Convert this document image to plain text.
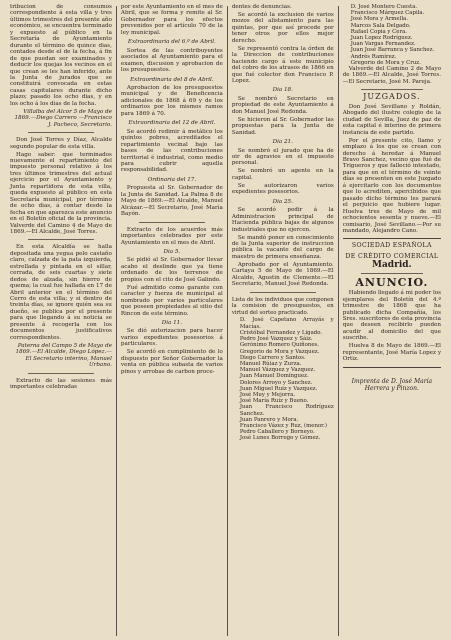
tribucion de consumos correspondiente á esta villa y tres últimos trimestres del presente año económico, se encuentra terminado y expuesto al público en la Secretaría de Ayuntamiento durante el término de quince dias, contados desde el de la fecha, á fin de que puedan ser examinados y deducir los quejas los vecinos en el que crean se les han inferido, ante la Junta de jurados que se constituirá convocada en estas casas capitulares durante dicho plazo; pasado los ocho dias, y en los ocho á los dias de la fecha.

Villalba del Alcor 5 de Mayo de 1869.—Diego Carrero —Francisco J. Pacheco, Secretario.

Don José Torres y Díaz, Alcalde segundo popular de esta villa.

Hago saber: que terminados nuevamente el repartimiento del impuesto personal relativo á los tres últimos trimestres del actual ejercicio por el Ayuntamiento y Junta repartidora de esta villa, queda expuesto al público en esta Secretaría municipal, por término de ocho dias, á contar desde la fecha en que aparezca este anuncio en el Boletín oficial de la provincia. Valverde del Camino 4 de Mayo de 1869.—El Alcalde, José Torres.

En esta Alcaldía se halla depositada una yegua pelo castaño claro, calzada de la pata izquierda, estrellada y pintada en el sillar, cerrada, de seis cuartas y siete dedos de alzada, sin hierro de quema; la cual fue hallada en 17 de Abril anterior en el término del Cerro de esta villa; y si dentro de treinta días, se ignore quién sea su dueño, se publica por el presente para que llegando á su noticia se presente á recogerla con los documentos justificativos correspondientes.

Paterna del Campo 5 de Mayo de 1869.—El Alcalde, Diego López.—El Secretario interino, Manuel Urbano.

Extracto de las sesiones más importantes celebradas

por este Ayuntamiento en el mes de Abril, que se forma y remite al Sr. Gobernador para los efectos prevenidos por el artículo 70 de la ley municipal.

Extraordinaria del 6.º de Abril.

Sortea de las contribuyentes asociados al Ayuntamiento para el examen, discusion y aprobacion de los presupuestos.

Extraordinaria del 8 de Abril.

Aprobacion de los presupuestos municipal y de Beneficencia adicionales de 1868 á 69 y de los ordinarios por los mismos ramos para 1869 á 70.

Extraordinaria del 12 de Abril.

Se acordó redimir á metálico los quintos pobres, acreditados el repartimiento vecinal bajo las bases de las contribuciones territorial é industrial, como medio para cubrir aquella responsabilidad.

Ordinaria del 17.

Propuesta al Sr. Gobernador de la Junta de Sanidad. La Palma 8 de Mayo de 1869.—El Alcalde, Manuel Alcázar.—El Secretario, José María Bayón.

Extracto de los acuerdos más importantes celebrados por este Ayuntamiento en el mes de Abril.

Dia 5.

Se pidió al Sr. Gobernador llevar acabo el deslinde que ya tiene ordenado de los terrenos de propios con el cito de José Galindo.

Fué admitido como garante con caracter y fuerza de municipal al nombrado por varios particulares que poseen propiedades al sitio del Rincon de este término.

Dia 11.

Se dió autorizacion para hacer varios expedientes posesorios á particulares.

Se acordó en cumplimiento de lo dispuesto por Señor Gobernador la venta en pública subasta de varios pinos y arrobas de carbon proce-

dentes de denuncias.

Se acordó la exclusion de varios mozos del alistamiento para las quintas, por que así procede por tener otros por ellos mejor derecho.

Se representó contra la órden de la Direccion de contribuciones haciendo cargo á este municipio del cobro de los atrasos de 1866 en que fué colector don Francisco P. Lopez.

Dia 18.

Se nombró Secretario en propiedad de este Ayuntamiento á don Manuel José Redonda.

Se hicieron al Sr. Gobernador las propuestas para la Junta de Sanidad.

Dia 21.

Se nombró el jurado que ha de oir de agravios en el impuesto personal.

Se nombró un agente en la capital.

Se autorizaron varios expedientes posesorios.

Dia 25.

Se acordó pedir á la Administracion principal de Hacienda pública bajas de algunos industriales que no ejercen.

Se mandó poner en conocimiento de la Junta superior de instruccion pública la vacante del cargo de maestro de primera enseñanza.

Aprobado por el Ayuntamiento. Cartaya 5 de Mayo de 1869.—El Alcalde, Agustin de Clemente.—El Secretario, Manuel José Redonda.

Lista de los individuos que componen la comision de presupuestos, en virtud del sorteo practicado.

D. José Capetano Arrayás y Macías.
Cristóbal Fernandez y Ligado.
Pedro José Vazquez y Sáiz.
Gerónimo Romero Quiñones.
Gregorio de Mora y Vazquez.
Diego Carrero y Santos.
Manuel Rúiaz y Zurza.
Manuel Vázquez y Vazquez.
Juan Manuel Domínguez.
Dolores Arroyo y Sanchez.
Juan Miguel Ruiz y Vazquez.
José Muy y Mejorra.
José María Ruiz y Bueno.
Juan Francisco Rodríguez Sanchez.
Juan Panrero y Mora.
Francisco Vázez y Ruz, (menor.)
Pedro Caballero y Borneyo.
José Lunes Borrego y Gómez.
D. José Montero Cuesta.
Francisco Márquez Capila.
José Mora y Armella.
Marcos Sala Delgado.
Rafael Copia y Cera.
Juan Lopez Rodríguez.
Juan Vargas Fernandez.
Juan José Barranca y Sanchez.
Andrés Ramírez.
Gregorio de Mora y Cruz.

Valverde del Camino 2 de Mayo de 1869.—El Alcalde, José Torres.—El Secretario, José M. Pareja.

JUZGADOS.

Don José Sevillano y Roldán, Abogado del ilustre colegio de la ciudad de Sevilla, Juez de paz de esta capital é interino de primera instancia de este partido.

Por el presente cito, llamo y emplazo á los que se crean con derecho á heredar á Manuel Bravo Sanchez, vecino que fué de Trigueros y que falleció intestado, para que en el término de veinte días se presenten en este Juzgado á ejercitarlo con los documentos que lo acrediten, apercibidos que pasado dicho término les parará el perjuicio que hubiere lugar. Huelva tres de Mayo de mil ochocientos sesenta y nueve.—El comisario, José Sevillano.—Por su mandado, Alejandro Cano.

SOCIEDAD ESPAÑOLA

DE CRÉDITO COMERCIAL

Madrid.

ANUNCIO.

Habiendo llegado á mi poder los ejemplares del Boletín del 4.º trimestre de 1868 que ha publicado dicha Compañía, los Sres. suscritores de esta provincia que deseen recibirlo pueden acudir al domicilio del que suscribe.

Huelva 8 de Mayo de 1869.—El representante, José María Lopez y Ortiz.

Imprenta de D. José María
Herrera y Pinzon.
